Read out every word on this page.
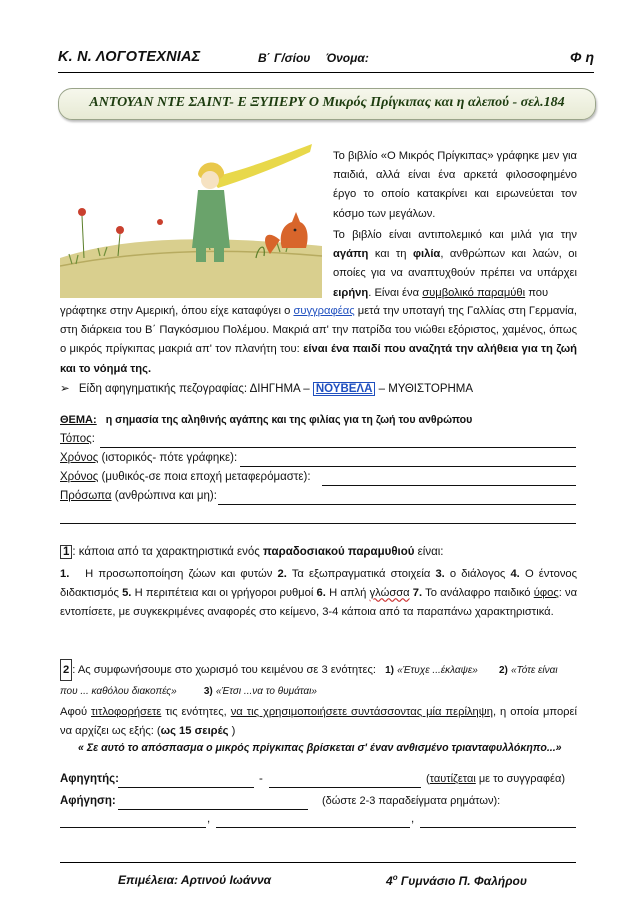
Κ. Ν. ΛΟΓΟΤΕΧΝΙΑΣ	Β΄ Γ/σίου Όνομα:	Φ η
ΑΝΤΟΥΑΝ ΝΤΕ ΣΑΙΝΤ- Ε ΞΥΠΕΡΥ Ο Μικρός Πρίγκιπας και η αλεπού - σελ.184
Το βιβλίο «Ο Μικρός Πρίγκιπας» γράφηκε μεν για παιδιά, αλλά είναι ένα αρκετά φιλοσοφημένο έργο το οποίο κατακρίνει και ειρωνεύεται τον κόσμο των μεγάλων.
Το βιβλίο είναι αντιπολεμικό και μιλά για την αγάπη και τη φιλία, ανθρώπων και λαών, οι οποίες για να αναπτυχθούν πρέπει να υπάρχει ειρήνη. Είναι ένα συμβολικό παραμύθι που
γράφτηκε στην Αμερική, όπου είχε καταφύγει ο συγγραφέας μετά την υποταγή της Γαλλίας στη Γερμανία, στη διάρκεια του Β΄ Παγκόσμιου Πολέμου. Μακριά απ' την πατρίδα του νιώθει εξόριστος, χαμένος, όπως ο μικρός πρίγκιπας μακριά απ' τον πλανήτη του: είναι ένα παιδί που αναζητά την αλήθεια για τη ζωή και το νόημά της.
➢ Είδη αφηγηματικής πεζογραφίας: ΔΙΗΓΗΜΑ – ΝΟΥΒΕΛΑ – ΜΥΘΙΣΤΟΡΗΜΑ
ΘΕΜΑ: η σημασία της αληθινής αγάπης και της φιλίας για τη ζωή του ανθρώπου
Τόπος:
Χρόνος (ιστορικός- πότε γράφηκε):
Χρόνος (μυθικός-σε ποια εποχή μεταφερόμαστε):
Πρόσωπα (ανθρώπινα και μη):
1 : κάποια από τα χαρακτηριστικά ενός παραδοσιακού παραμυθιού είναι:
1. Η προσωποποίηση ζώων και φυτών 2. Τα εξωπραγματικά στοιχεία 3. ο διάλογος 4. Ο έντονος διδακτισμός 5. Η περιπέτεια και οι γρήγοροι ρυθμοί 6. Η απλή γλώσσα 7. Το ανάλαφρο παιδικό ύφος: να εντοπίσετε, με συγκεκριμένες αναφορές στο κείμενο, 3-4 κάποια από τα παραπάνω χαρακτηριστικά.
2 : Ας συμφωνήσουμε στο χωρισμό του κειμένου σε 3 ενότητες: 1) «Έτυχε ...έκλαψε» 2) «Τότε είναι που ... καθόλου διακοπές»	3) «Έτσι ...να το θυμάται»
Αφού τιτλοφορήσετε τις ενότητες, να τις χρησιμοποιήσετε συντάσσοντας μία περίληψη, η οποία μπορεί να αρχίζει ως εξής: (ως 15 σειρές )
« Σε αυτό το απόσπασμα ο μικρός πρίγκιπας βρίσκεται σ' έναν ανθισμένο τριανταφυλλόκηπο...»
Αφηγητής:	-	(ταυτίζεται με το συγγραφέα)
Αφήγηση:	(δώστε 2-3 παραδείγματα ρημάτων):
,	,
Επιμέλεια: Αρτινού Ιωάννα	$4^o$ Γυμνάσιο Π. Φαλήρου
